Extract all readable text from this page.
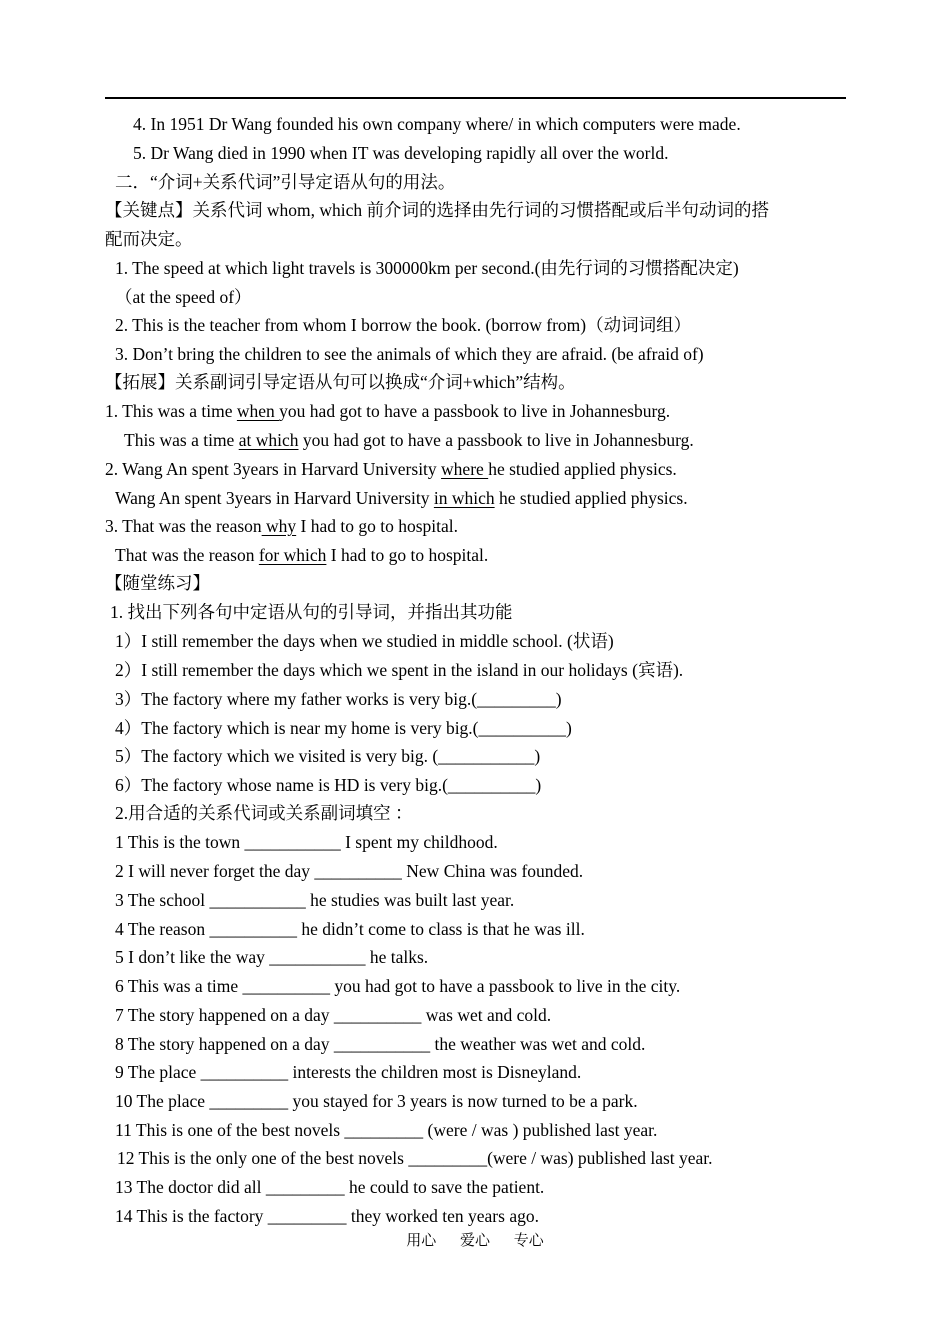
4. In 1951 Dr Wang founded his own company where/ in which computers were made.
5. Dr Wang died in 1990 when IT was developing rapidly all over the world.
二．“介词+关系代词”引导定语从句的用法。
【关键点】关系代词 whom, which 前介词的选择由先行词的习惯搭配或后半句动词的搭
配而决定。
1. The speed at which light travels is 300000km per second.(由先行词的习惯搭配决定)
（at the speed of）
2. This is the teacher from whom I borrow the book. (borrow from)（动词词组）
3. Don’t bring the children to see the animals of which they are afraid. (be afraid of)
【拓展】关系副词引导定语从句可以换成“介词+which”结构。
1. This was a time when you had got to have a passbook to live in Johannesburg.
This was a time at which you had got to have a passbook to live in Johannesburg.
2. Wang An spent 3years in Harvard University where he studied applied physics.
Wang An spent 3years in Harvard University in which he studied applied physics.
3. That was the reason why I had to go to hospital.
That was the reason for which I had to go to hospital.
【随堂练习】
1. 找出下列各句中定语从句的引导词，并指出其功能
1）I still remember the days when we studied in middle school. (状语)
2）I still remember the days which we spent in the island in our holidays (宾语).
3）The factory where my father works is very big.(_________)
4）The factory which is near my home is very big.(__________)
5）The factory which we visited is very big. (___________)
6）The factory whose name is HD is very big.(__________)
2.用合适的关系代词或关系副词填空 ：
1 This is the town ___________ I spent my childhood.
2 I will never forget the day __________ New China was founded.
3 The school ___________ he studies was built last year.
4 The reason __________ he didn’t come to class is that he was ill.
5 I don’t like the way ___________ he talks.
6 This was a time __________ you had got to have a passbook to live in the city.
7 The story happened on a day __________ was wet and cold.
8 The story happened on a day ___________ the weather was wet and cold.
9 The place __________ interests the children most is Disneyland.
10 The place _________ you stayed for 3 years is now turned to be a park.
11 This is one of the best novels _________ (were / was ) published last year.
12 This is the only one of the best novels _________(were / was) published last year.
13 The doctor did all _________ he could to save the patient.
14 This is the factory _________ they worked ten years ago.
用心 爱心 专心
